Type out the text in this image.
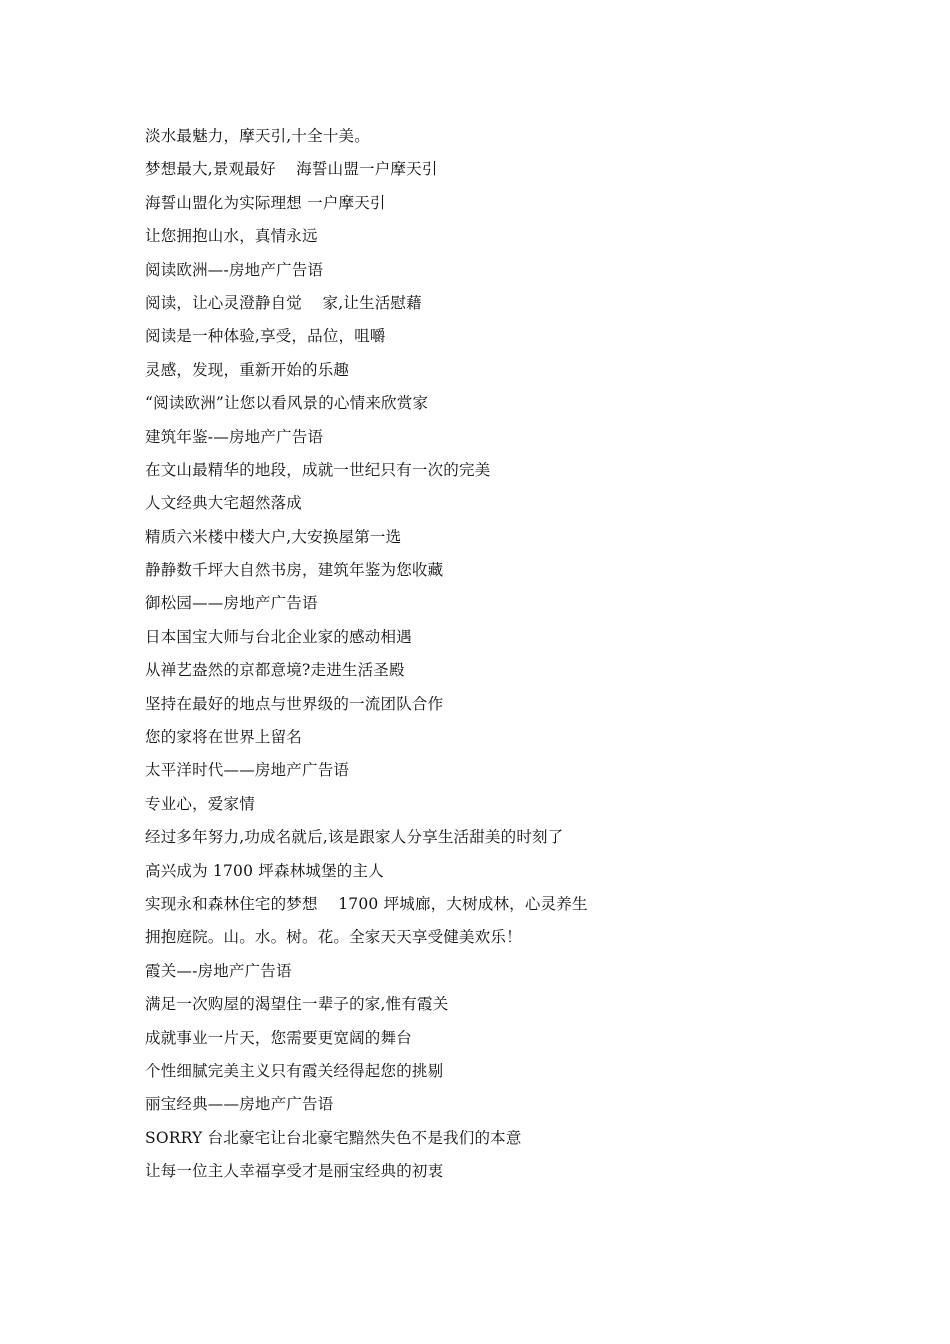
淡水最魅力，摩天引,十全十美。
梦想最大,景观最好    海誓山盟一户摩天引
海誓山盟化为实际理想 一户摩天引
让您拥抱山水，真情永远
阅读欧洲—-房地产广告语
阅读，让心灵澄静自觉    家,让生活慰藉
阅读是一种体验,享受，品位，咀嚼
灵感，发现，重新开始的乐趣
“阅读欧洲”让您以看风景的心情来欣赏家
建筑年鉴-—房地产广告语
在文山最精华的地段，成就一世纪只有一次的完美
人文经典大宅超然落成
精质六米楼中楼大户,大安换屋第一选
静静数千坪大自然书房，建筑年鉴为您收藏
御松园——房地产广告语
日本国宝大师与台北企业家的感动相遇
从禅艺盎然的京都意境?走进生活圣殿
坚持在最好的地点与世界级的一流团队合作
您的家将在世界上留名
太平洋时代——房地产广告语
专业心，爱家情
经过多年努力,功成名就后,该是跟家人分享生活甜美的时刻了
高兴成为 1700 坪森林城堡的主人
实现永和森林住宅的梦想    1700 坪城廊，大树成林，心灵养生
拥抱庭院。山。水。树。花。全家天天享受健美欢乐！
霞关—-房地产广告语
满足一次购屋的渴望住一辈子的家,惟有霞关
成就事业一片天，您需要更宽阔的舞台
个性细腻完美主义只有霞关经得起您的挑剔
丽宝经典——房地产广告语
SORRY 台北豪宅让台北豪宅黯然失色不是我们的本意
让每一位主人幸福享受才是丽宝经典的初衷
